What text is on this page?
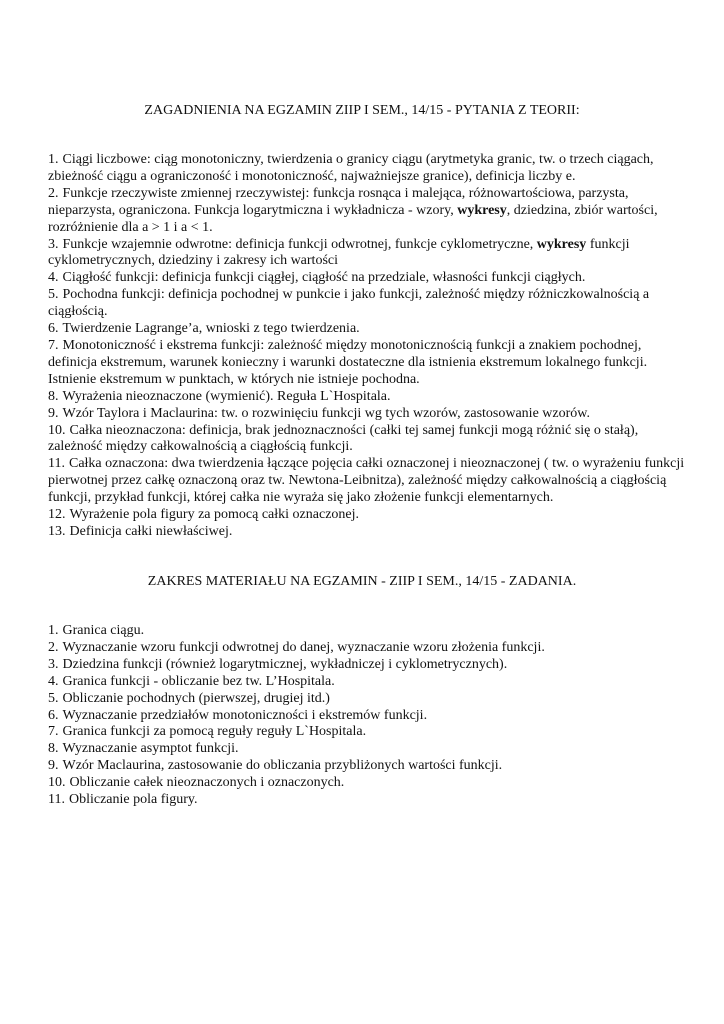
ZAGADNIENIA NA EGZAMIN ZIIP I SEM., 14/15 - PYTANIA Z TEORII:

1. Ciągi liczbowe: ciąg monotoniczny, twierdzenia o granicy ciągu (arytmetyka granic, tw. o trzech ciągach, zbieżność ciągu a ograniczoność i monotoniczność, najważniejsze granice), definicja liczby e.

2. Funkcje rzeczywiste zmiennej rzeczywistej: funkcja rosnąca i malejąca, różnowartościowa, parzysta, nieparzysta, ograniczona. Funkcja logarytmiczna i wykładnicza - wzory, wykresy, dziedzina, zbiór wartości, rozróżnienie dla a > 1 i a < 1.

3. Funkcje wzajemnie odwrotne: definicja funkcji odwrotnej, funkcje cyklometryczne, wykresy funkcji cyklometrycznych, dziedziny i zakresy ich wartości

4. Ciągłość funkcji: definicja funkcji ciągłej, ciągłość na przedziale, własności funkcji ciągłych.

5. Pochodna funkcji: definicja pochodnej w punkcie i jako funkcji, zależność między różniczkowalnością a ciągłością.

6. Twierdzenie Lagrange’a, wnioski z tego twierdzenia.

7. Monotoniczność i ekstrema funkcji: zależność między monotonicznością funkcji a znakiem pochodnej, definicja ekstremum, warunek konieczny i warunki dostateczne dla istnienia ekstremum lokalnego funkcji. Istnienie ekstremum w punktach, w których nie istnieje pochodna.

8. Wyrażenia nieoznaczone (wymienić). Reguła L`Hospitala.

9. Wzór Taylora i Maclaurina: tw. o rozwinięciu funkcji wg tych wzorów, zastosowanie wzorów.

10. Całka nieoznaczona: definicja, brak jednoznaczności (całki tej samej funkcji mogą różnić się o stałą), zależność między całkowalnością a ciągłością funkcji.

11. Całka oznaczona: dwa twierdzenia łączące pojęcia całki oznaczonej i nieoznaczonej ( tw. o wyrażeniu funkcji pierwotnej przez całkę oznaczoną oraz tw. Newtona-Leibnitza), zależność między całkowalnością a ciągłością funkcji, przykład funkcji, której całka nie wyraża się jako złożenie funkcji elementarnych.

12. Wyrażenie pola figury za pomocą całki oznaczonej.

13. Definicja całki niewłaściwej.

ZAKRES MATERIAŁU NA EGZAMIN - ZIIP I SEM., 14/15 - ZADANIA.

1. Granica ciągu.

2. Wyznaczanie wzoru funkcji odwrotnej do danej, wyznaczanie wzoru złożenia funkcji.

3. Dziedzina funkcji (również logarytmicznej, wykładniczej i cyklometrycznych).

4. Granica funkcji - obliczanie bez tw. L’Hospitala.

5. Obliczanie pochodnych (pierwszej, drugiej itd.)

6. Wyznaczanie przedziałów monotoniczności i ekstremów funkcji.

7. Granica funkcji za pomocą reguły reguły L`Hospitala.

8. Wyznaczanie asymptot funkcji.

9. Wzór Maclaurina, zastosowanie do obliczania przybliżonych wartości funkcji.

10. Obliczanie całek nieoznaczonych i oznaczonych.

11. Obliczanie pola figury.
